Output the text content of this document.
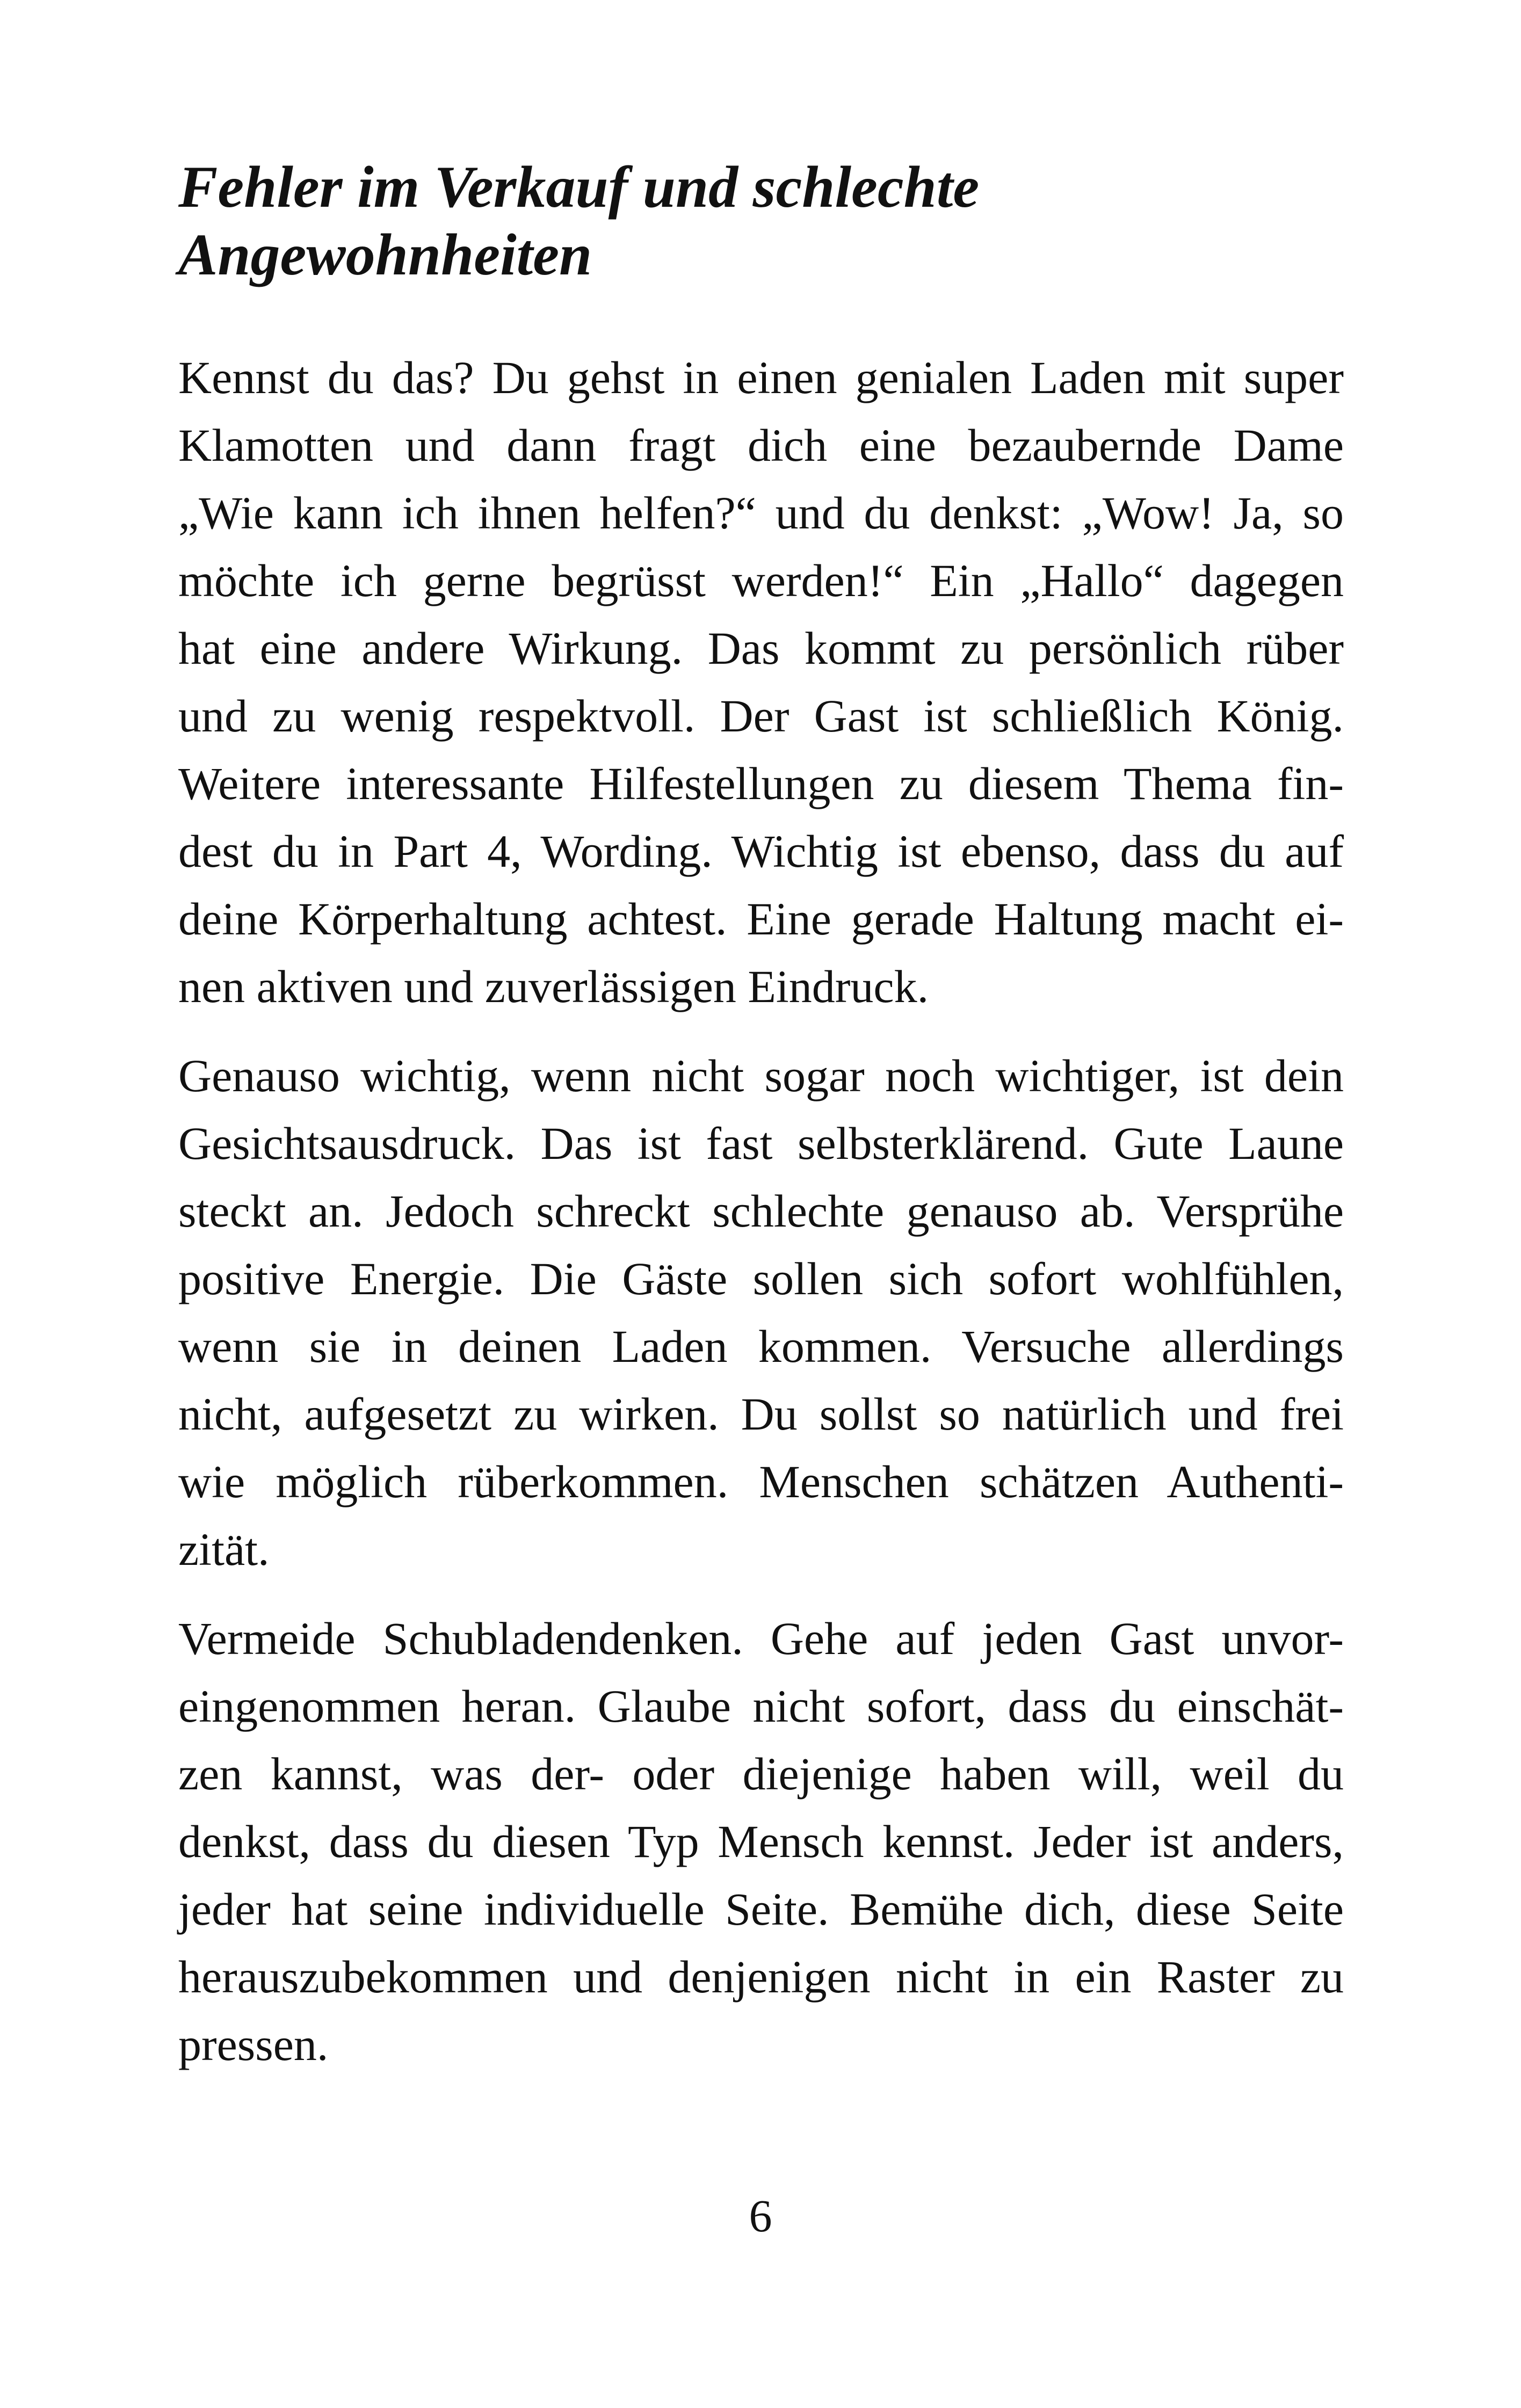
Fehler im Verkauf und schlechte
Angewohnheiten
Kennst du das? Du gehst in einen genialen Laden mit super
Klamotten und dann fragt dich eine bezaubernde Dame
„Wie kann ich ihnen helfen?“ und du denkst: „Wow! Ja, so
möchte ich gerne begrüsst werden!“ Ein „Hallo“ dagegen
hat eine andere Wirkung. Das kommt zu persönlich rüber
und zu wenig respektvoll. Der Gast ist schließlich König.
Weitere interessante Hilfestellungen zu diesem Thema fin-
dest du in Part 4, Wording. Wichtig ist ebenso, dass du auf
deine Körperhaltung achtest. Eine gerade Haltung macht ei-
nen aktiven und zuverlässigen Eindruck.
Genauso wichtig, wenn nicht sogar noch wichtiger, ist dein
Gesichtsausdruck. Das ist fast selbsterklärend. Gute Laune
steckt an. Jedoch schreckt schlechte genauso ab. Versprühe
positive Energie. Die Gäste sollen sich sofort wohlfühlen,
wenn sie in deinen Laden kommen. Versuche allerdings
nicht, aufgesetzt zu wirken. Du sollst so natürlich und frei
wie möglich rüberkommen. Menschen schätzen Authenti-
zität.
Vermeide Schubladendenken. Gehe auf jeden Gast unvor-
eingenommen heran. Glaube nicht sofort, dass du einschät-
zen kannst, was der- oder diejenige haben will, weil du
denkst, dass du diesen Typ Mensch kennst. Jeder ist anders,
jeder hat seine individuelle Seite. Bemühe dich, diese Seite
herauszubekommen und denjenigen nicht in ein Raster zu
pressen.
6
